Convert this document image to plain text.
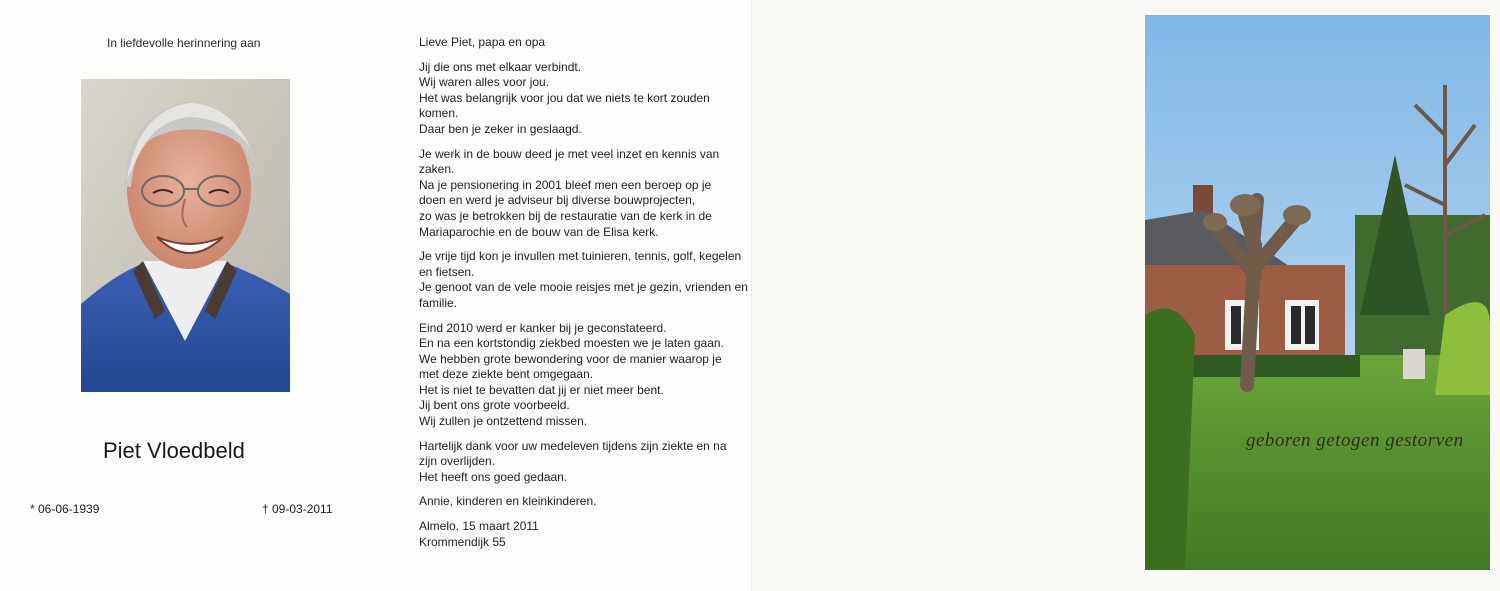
In liefdevolle herinnering aan
Piet Vloedbeld
* 06-06-1939	† 09-03-2011
Lieve Piet, papa en opa
Jij die ons met elkaar verbindt.
Wij waren alles voor jou.
Het was belangrijk voor jou dat we niets te kort zouden
komen.
Daar ben je zeker in geslaagd.
Je werk in de bouw deed je met veel inzet en kennis van
zaken.
Na je pensionering in 2001 bleef men een beroep op je
doen en werd je adviseur bij diverse bouwprojecten,
zo was je betrokken bij de restauratie van de kerk in de
Mariaparochie en de bouw van de Elisa kerk.
Je vrije tijd kon je invullen met tuinieren, tennis, golf, kegelen
en fietsen.
Je genoot van de vele mooie reisjes met je gezin, vrienden en
familie.
Eind 2010 werd er kanker bij je geconstateerd.
En na een kortstondig ziekbed moesten we je laten gaan.
We hebben grote bewondering voor de manier waarop je
met deze ziekte bent omgegaan.
Het is niet te bevatten dat jij er niet meer bent.
Jij bent ons grote voorbeeld.
Wij zullen je ontzettend missen.
Hartelijk dank voor uw medeleven tijdens zijn ziekte en na
zijn overlijden.
Het heeft ons goed gedaan.
Annie, kinderen en kleinkinderen.
Almelo, 15 maart 2011
Krommendijk 55
geboren getogen gestorven
